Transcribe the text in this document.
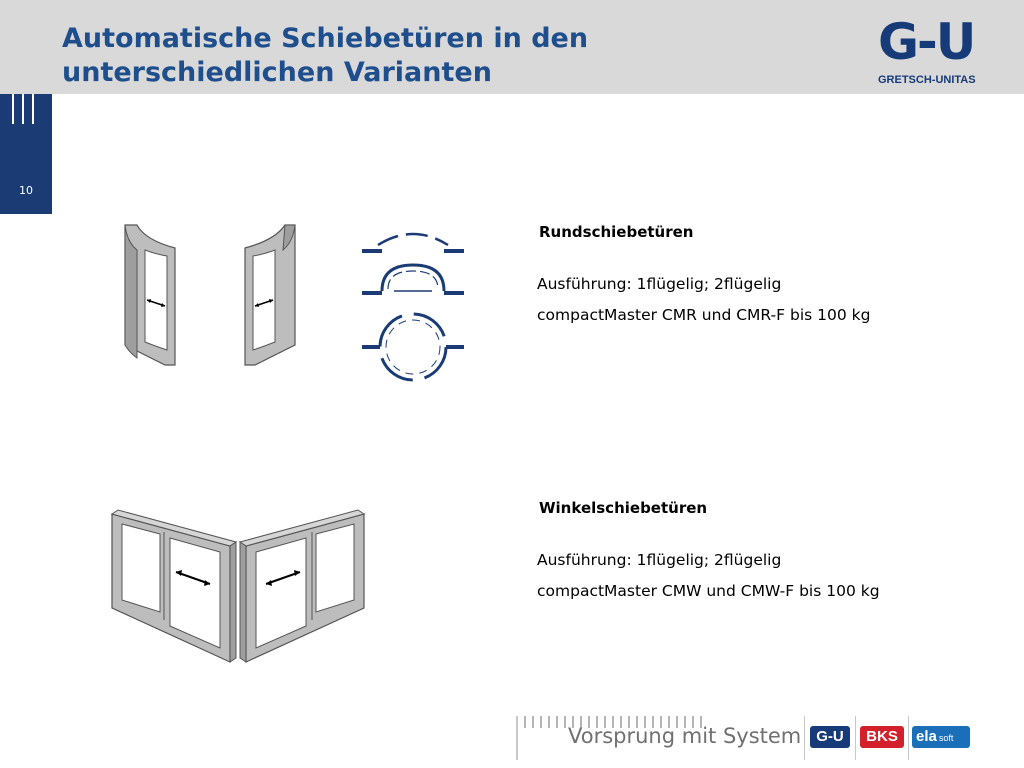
Automatische Schiebetüren in den
unterschiedlichen Varianten
G-U
GRETSCH-UNITAS
10
Rundschiebetüren
Ausführung: 1flügelig; 2flügelig
compactMaster CMR und CMR-F bis 100 kg
Winkelschiebetüren
Ausführung: 1flügelig; 2flügelig
compactMaster CMW und CMW-F bis 100 kg
Vorsprung mit System G-U	BKS	ela soft
